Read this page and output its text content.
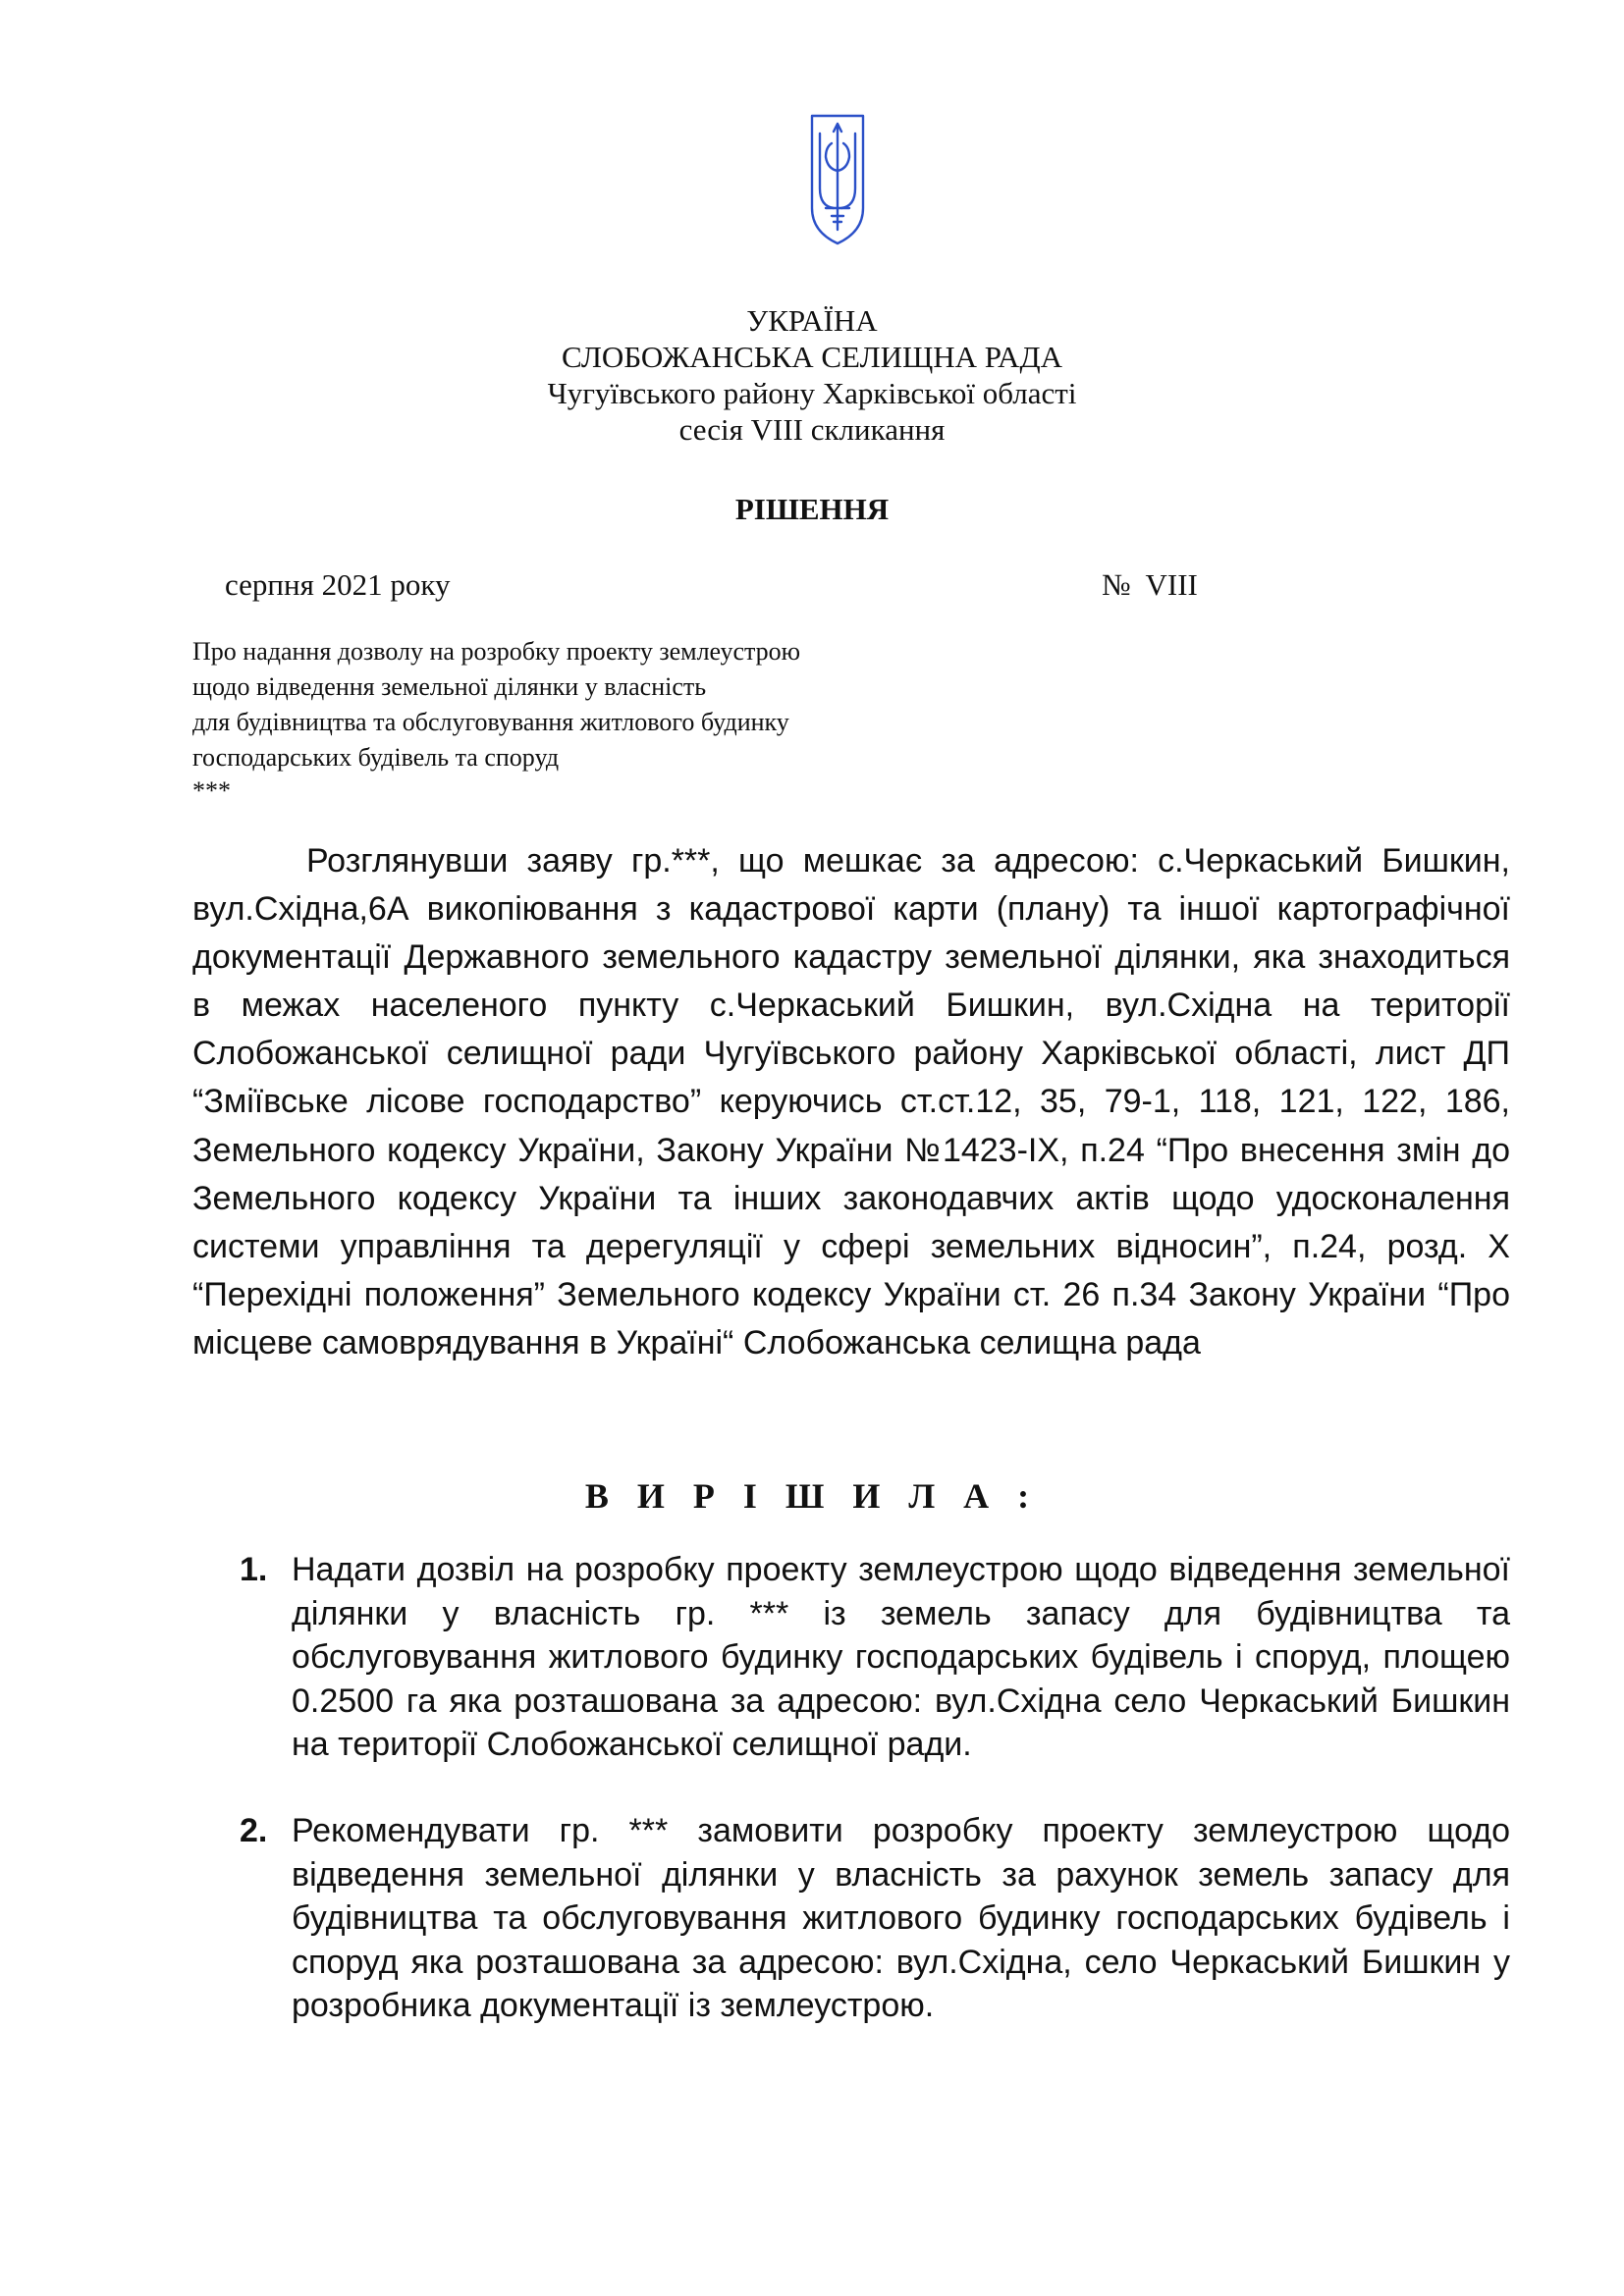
УКРАЇНА
СЛОБОЖАНСЬКА СЕЛИЩНА РАДА
Чугуївського району Харківської області
сесія VIII скликання
РІШЕННЯ
серпня 2021 року	№  VIII
Про надання дозволу на розробку проекту землеустрою
щодо відведення земельної ділянки у власність
для будівництва та обслуговування житлового будинку
господарських будівель та споруд
***

Розглянувши заяву гр.***, що мешкає за адресою: с.Черкаський Бишкин, вул.Східна,6А викопіювання з кадастрової карти (плану) та іншої картографічної документації Державного земельного кадастру земельної ділянки, яка знаходиться в межах населеного пункту с.Черкаський Бишкин, вул.Східна на території Слобожанської селищної ради Чугуївського району Харківської області, лист ДП “Зміївське лісове господарство” керуючись ст.ст.12, 35, 79-1, 118, 121, 122, 186, Земельного кодексу України, Закону України №1423-IX, п.24 “Про внесення змін до Земельного кодексу України та інших законодавчих актів щодо удосконалення системи управління та дерегуляції у сфері земельних відносин”, п.24, розд. Х “Перехідні положення” Земельного кодексу України ст. 26 п.34 Закону України “Про місцеве самоврядування в Україні“ Слобожанська селищна рада

В И Р І Ш И Л А :
1. Надати дозвіл на розробку проекту землеустрою щодо відведення земельної ділянки у власність гр. *** із земель запасу для будівництва та обслуговування житлового будинку господарських будівель і споруд, площею 0.2500 га яка розташована за адресою: вул.Східна село Черкаський Бишкин на території Слобожанської селищної ради.

2. Рекомендувати гр. *** замовити розробку проекту землеустрою щодо відведення земельної ділянки у власність за рахунок земель запасу для будівництва та обслуговування житлового будинку господарських будівель і споруд яка розташована за адресою: вул.Східна, село Черкаський Бишкин у розробника документації із землеустрою.
